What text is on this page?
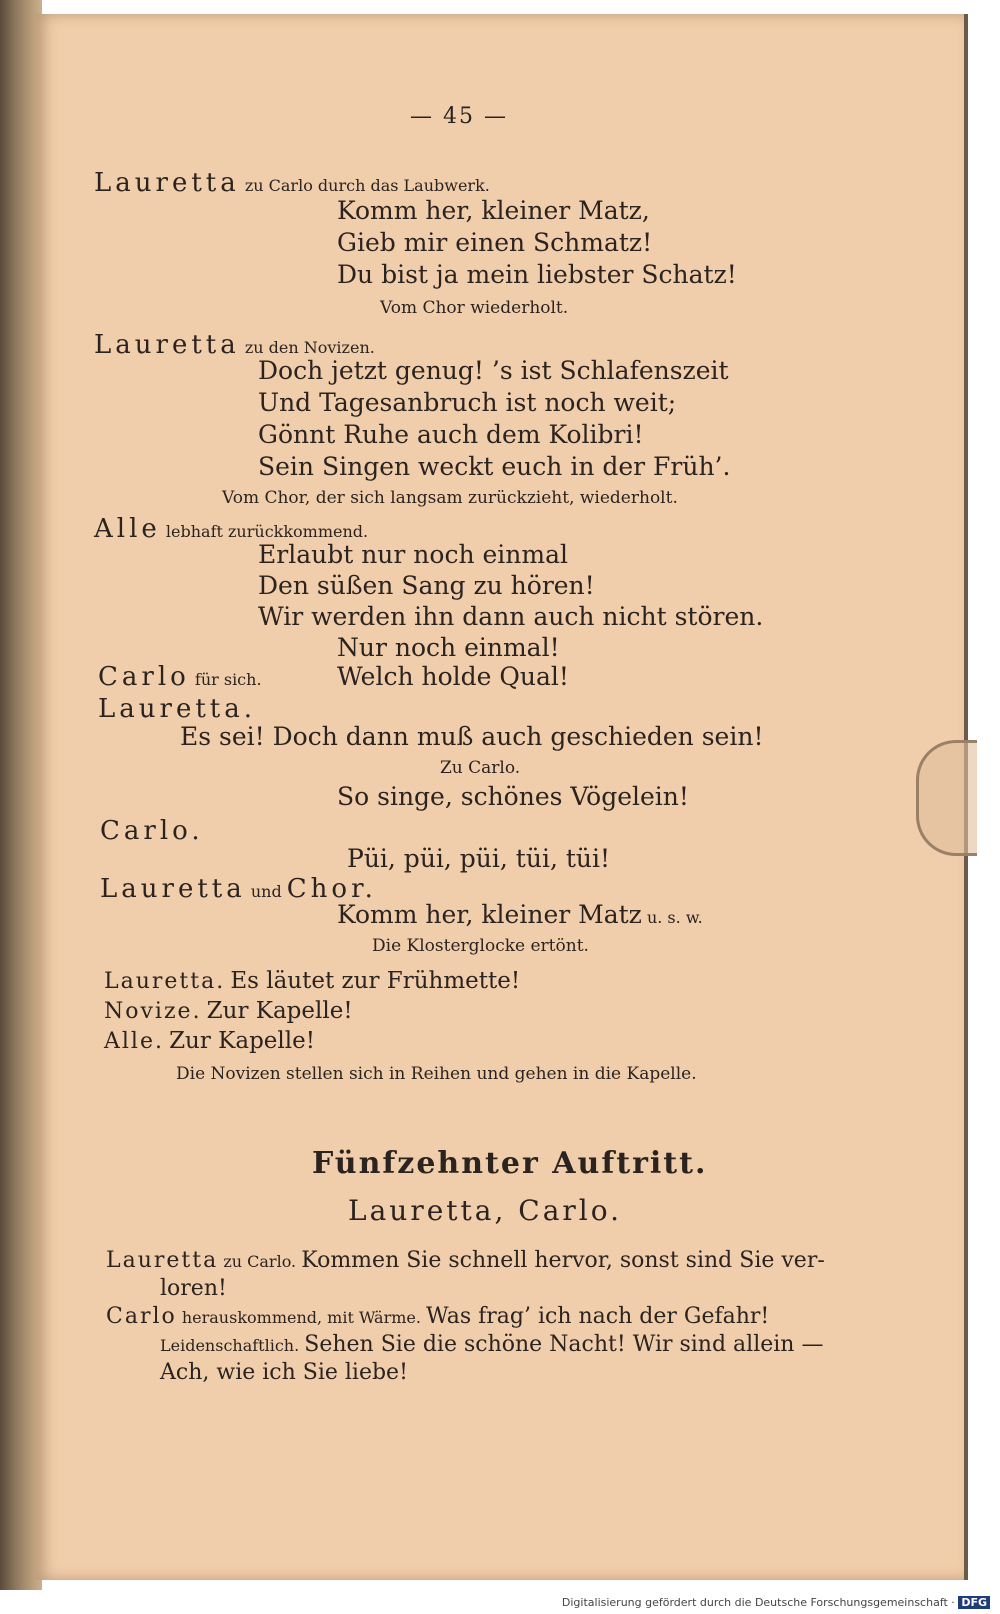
— 45 —
Lauretta zu Carlo durch das Laubwerk.
Komm her, kleiner Matz,
Gieb mir einen Schmatz!
Du bist ja mein liebster Schatz!
Vom Chor wiederholt.
Lauretta zu den Novizen.
Doch jetzt genug! ’s ist Schlafenszeit
Und Tagesanbruch ist noch weit;
Gönnt Ruhe auch dem Kolibri!
Sein Singen weckt euch in der Früh’.
Vom Chor, der sich langsam zurückzieht, wiederholt.
Alle lebhaft zurückkommend.
Erlaubt nur noch einmal
Den süßen Sang zu hören!
Wir werden ihn dann auch nicht stören.
Nur noch einmal!
Carlo für sich.	Welch holde Qual!
Lauretta.
Es sei! Doch dann muß auch geschieden sein!
Zu Carlo.
So singe, schönes Vögelein!
Carlo.
Püi, püi, püi, tüi, tüi!
Lauretta und Chor.
Komm her, kleiner Matz u. s. w.
Die Klosterglocke ertönt.
Lauretta. Es läutet zur Frühmette!
Novize. Zur Kapelle!
Alle. Zur Kapelle!
Die Novizen stellen sich in Reihen und gehen in die Kapelle.
Fünfzehnter Auftritt.
Lauretta, Carlo.
Lauretta zu Carlo. Kommen Sie schnell hervor, sonst sind Sie ver-
loren!
Carlo herauskommend, mit Wärme. Was frag’ ich nach der Gefahr!
Leidenschaftlich. Sehen Sie die schöne Nacht! Wir sind allein —
Ach, wie ich Sie liebe!
Digitalisierung gefördert durch die Deutsche Forschungsgemeinschaft · DFG
